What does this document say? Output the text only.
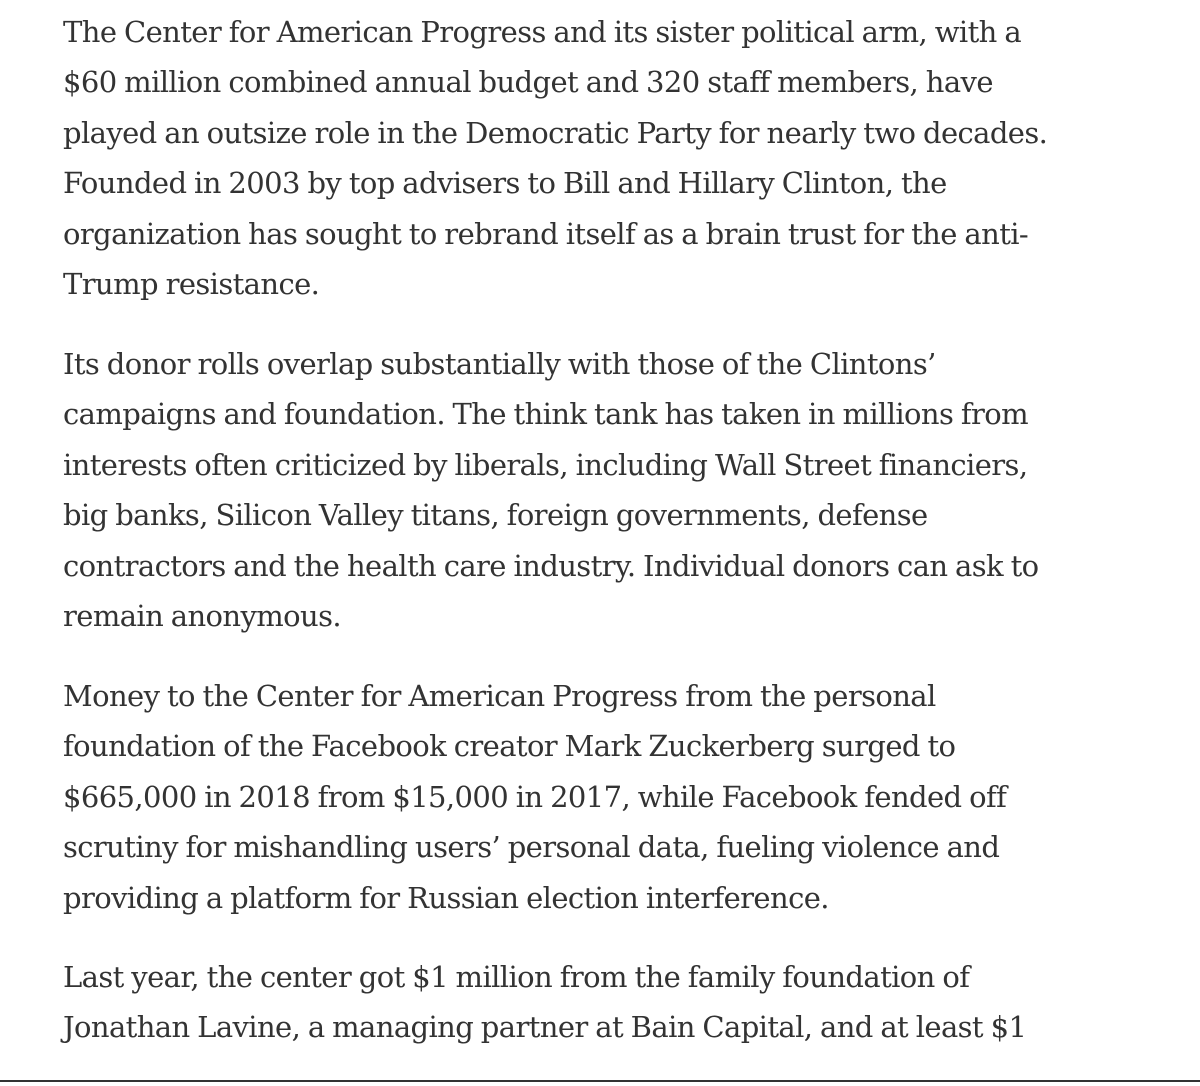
The Center for American Progress and its sister political arm, with a
$60 million combined annual budget and 320 staff members, have
played an outsize role in the Democratic Party for nearly two decades.
Founded in 2003 by top advisers to Bill and Hillary Clinton, the
organization has sought to rebrand itself as a brain trust for the anti-
Trump resistance.
Its donor rolls overlap substantially with those of the Clintons’
campaigns and foundation. The think tank has taken in millions from
interests often criticized by liberals, including Wall Street financiers,
big banks, Silicon Valley titans, foreign governments, defense
contractors and the health care industry. Individual donors can ask to
remain anonymous.
Money to the Center for American Progress from the personal
foundation of the Facebook creator Mark Zuckerberg surged to
$665,000 in 2018 from $15,000 in 2017, while Facebook fended off
scrutiny for mishandling users’ personal data, fueling violence and
providing a platform for Russian election interference.
Last year, the center got $1 million from the family foundation of
Jonathan Lavine, a managing partner at Bain Capital, and at least $1
